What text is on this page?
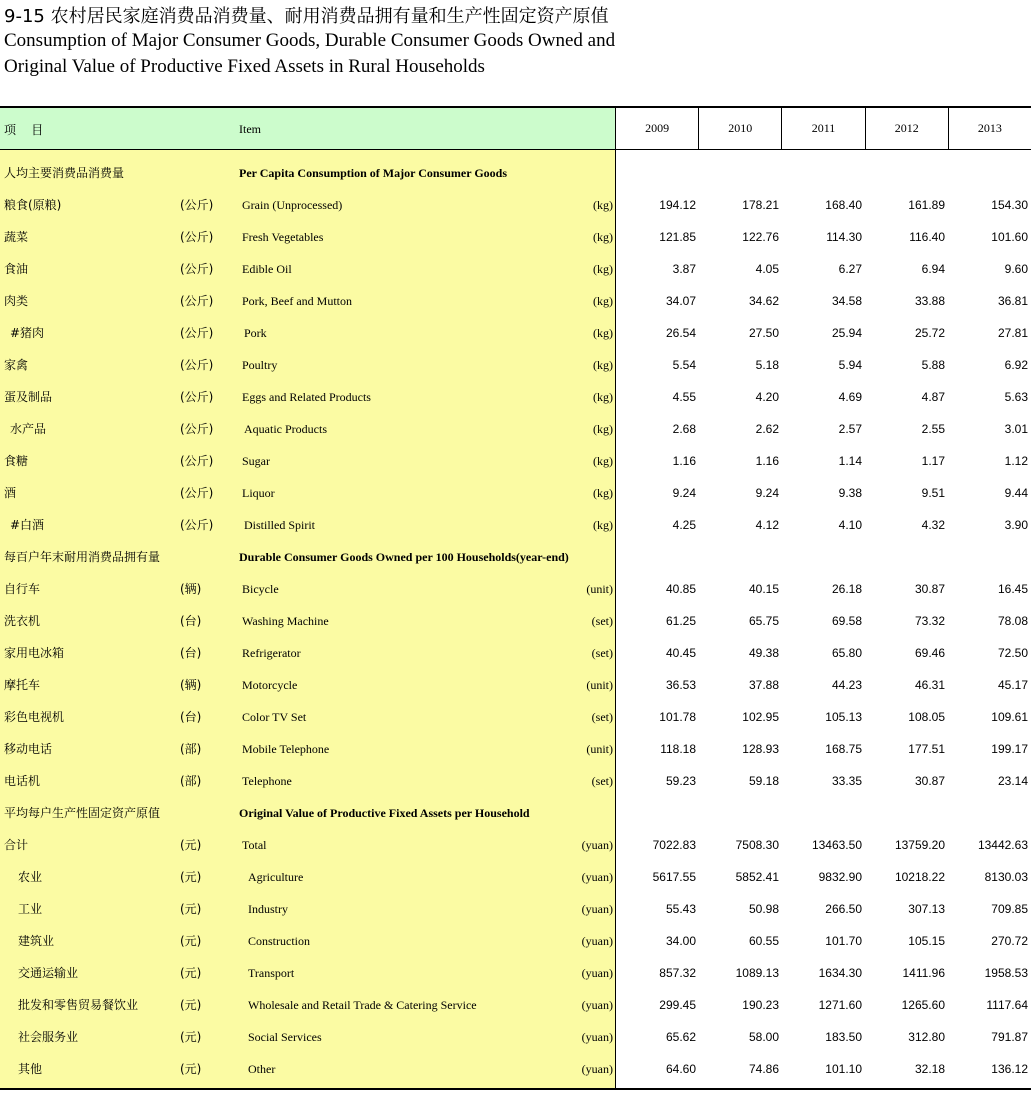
9-15 农村居民家庭消费品消费量、耐用消费品拥有量和生产性固定资产原值
Consumption of Major Consumer Goods, Durable Consumer Goods Owned and
Original Value of Productive Fixed Assets in Rural Households
项    目	Item	2009	2010	2011	2012	2013
人均主要消费品消费量	Per Capita Consumption of Major Consumer Goods
粮食(原粮)	(公斤) Grain (Unprocessed)	(kg)	194.12	178.21	168.40	161.89	154.30
蔬菜	(公斤) Fresh Vegetables	(kg)	121.85	122.76	114.30	116.40	101.60
食油	(公斤) Edible Oil	(kg)	3.87	4.05	6.27	6.94	9.60
肉类	(公斤) Pork, Beef and Mutton	(kg)	34.07	34.62	34.58	33.88	36.81
#猪肉	(公斤)	Pork	(kg)	26.54	27.50	25.94	25.72	27.81
家禽	(公斤) Poultry	(kg)	5.54	5.18	5.94	5.88	6.92
蛋及制品	(公斤) Eggs and Related Products	(kg)	4.55	4.20	4.69	4.87	5.63
水产品	(公斤)	Aquatic Products	(kg)	2.68	2.62	2.57	2.55	3.01
食糖	(公斤) Sugar	(kg)	1.16	1.16	1.14	1.17	1.12
酒	(公斤) Liquor	(kg)	9.24	9.24	9.38	9.51	9.44
#白酒	(公斤)	Distilled Spirit	(kg)	4.25	4.12	4.10	4.32	3.90
每百户年末耐用消费品拥有量	Durable Consumer Goods Owned per 100 Households(year-end)
自行车	(辆)	Bicycle	(unit)	40.85	40.15	26.18	30.87	16.45
洗衣机	(台)	Washing Machine	(set)	61.25	65.75	69.58	73.32	78.08
家用电冰箱	(台)	Refrigerator	(set)	40.45	49.38	65.80	69.46	72.50
摩托车	(辆)	Motorcycle	(unit)	36.53	37.88	44.23	46.31	45.17
彩色电视机	(台)	Color TV Set	(set)	101.78	102.95	105.13	108.05	109.61
移动电话	(部)	Mobile Telephone	(unit)	118.18	128.93	168.75	177.51	199.17
电话机	(部)	Telephone	(set)	59.23	59.18	33.35	30.87	23.14
平均每户生产性固定资产原值	Original Value of Productive Fixed Assets per Household
合计	(元)	Total	(yuan)	7022.83	7508.30	13463.50	13759.20	13442.63
农业	(元)	Agriculture	(yuan)	5617.55	5852.41	9832.90	10218.22	8130.03
工业	(元)	Industry	(yuan)	55.43	50.98	266.50	307.13	709.85
建筑业	(元)	Construction	(yuan)	34.00	60.55	101.70	105.15	270.72
交通运输业	(元)	Transport	(yuan)	857.32	1089.13	1634.30	1411.96	1958.53
批发和零售贸易餐饮业	(元)	Wholesale and Retail Trade & Catering Service	(yuan)	299.45	190.23	1271.60	1265.60	1117.64
社会服务业	(元)	Social Services	(yuan)	65.62	58.00	183.50	312.80	791.87
其他	(元)	Other	(yuan)	64.60	74.86	101.10	32.18	136.12
